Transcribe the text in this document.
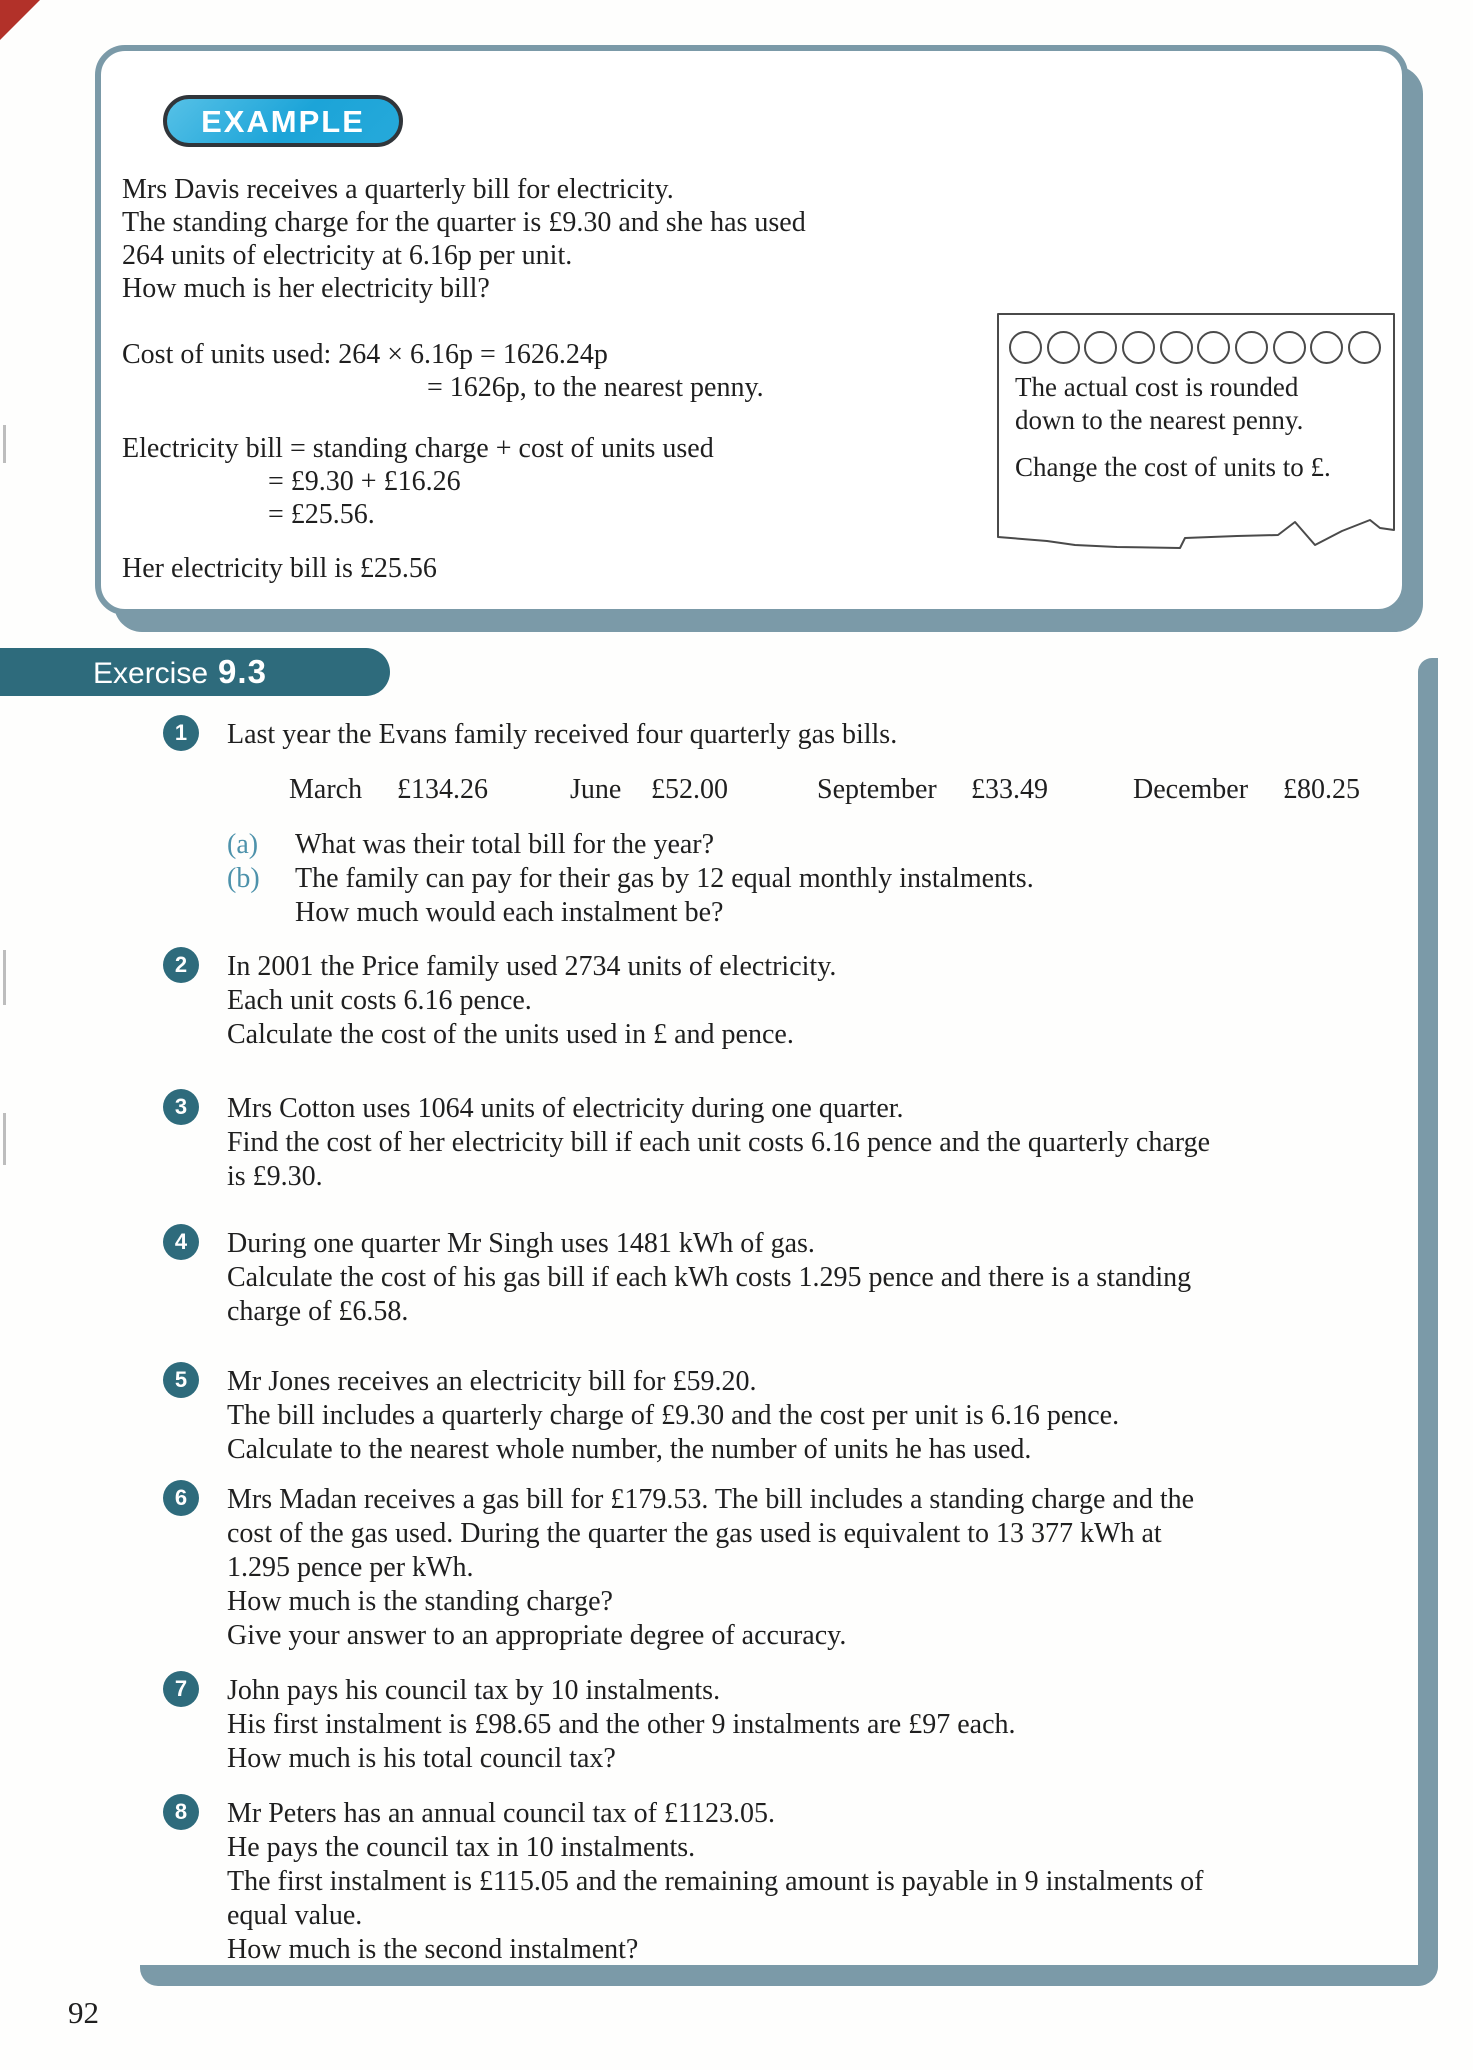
EXAMPLE
Mrs Davis receives a quarterly bill for electricity.
The standing charge for the quarter is £9.30 and she has used
264 units of electricity at 6.16p per unit.
How much is her electricity bill?
Cost of units used: 264 × 6.16p = 1626.24p
= 1626p, to the nearest penny.
Electricity bill = standing charge + cost of units used
= £9.30 + £16.26
= £25.56.
Her electricity bill is £25.56
The actual cost is rounded
down to the nearest penny.
Change the cost of units to £.
Exercise 9.3
1	Last year the Evans family received four quarterly gas bills.
March £134.26	June £52.00	September £33.49	December £80.25
(a) What was their total bill for the year?
(b) The family can pay for their gas by 12 equal monthly instalments.
How much would each instalment be?
2	In 2001 the Price family used 2734 units of electricity.
Each unit costs 6.16 pence.
Calculate the cost of the units used in £ and pence.
3	Mrs Cotton uses 1064 units of electricity during one quarter.
Find the cost of her electricity bill if each unit costs 6.16 pence and the quarterly charge
is £9.30.
4	During one quarter Mr Singh uses 1481 kWh of gas.
Calculate the cost of his gas bill if each kWh costs 1.295 pence and there is a standing
charge of £6.58.
5	Mr Jones receives an electricity bill for £59.20.
The bill includes a quarterly charge of £9.30 and the cost per unit is 6.16 pence.
Calculate to the nearest whole number, the number of units he has used.
6	Mrs Madan receives a gas bill for £179.53. The bill includes a standing charge and the
cost of the gas used. During the quarter the gas used is equivalent to 13 377 kWh at
1.295 pence per kWh.
How much is the standing charge?
Give your answer to an appropriate degree of accuracy.
7	John pays his council tax by 10 instalments.
His first instalment is £98.65 and the other 9 instalments are £97 each.
How much is his total council tax?
8	Mr Peters has an annual council tax of £1123.05.
He pays the council tax in 10 instalments.
The first instalment is £115.05 and the remaining amount is payable in 9 instalments of
equal value.
How much is the second instalment?
92
